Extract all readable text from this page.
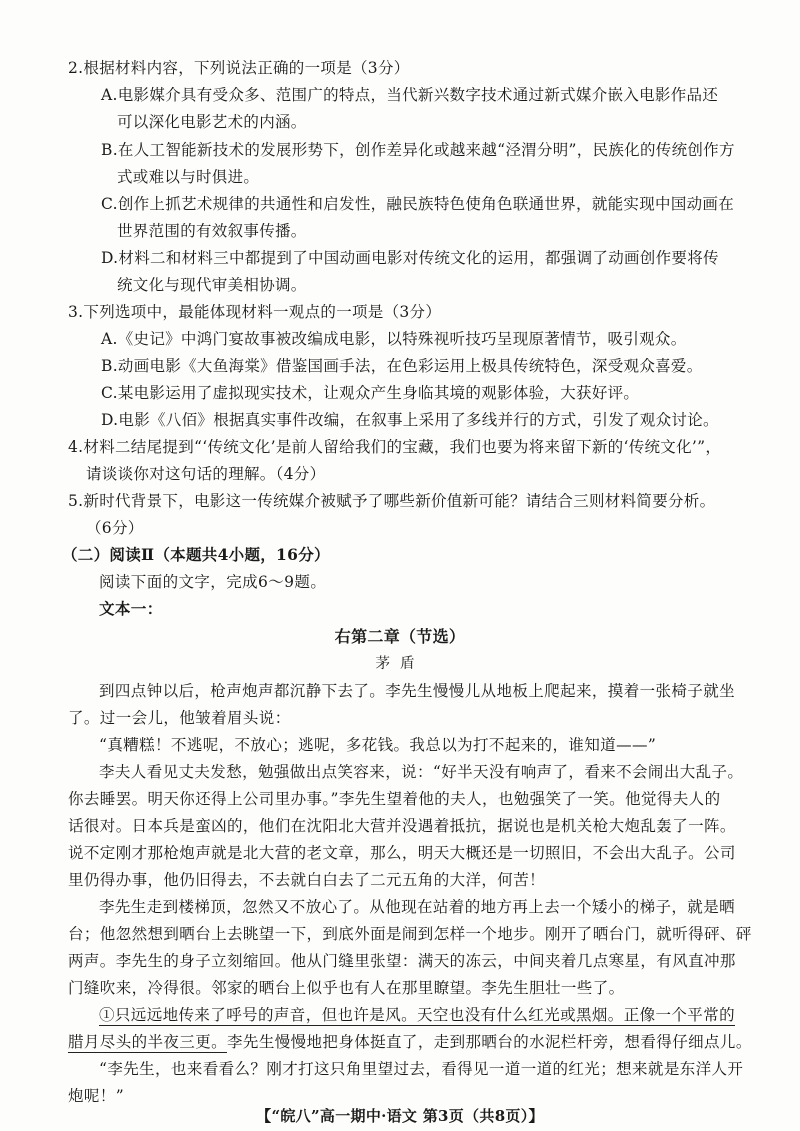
2.根据材料内容，下列说法正确的一项是（3分）
A.电影媒介具有受众多、范围广的特点，当代新兴数字技术通过新式媒介嵌入电影作品还
可以深化电影艺术的内涵。
B.在人工智能新技术的发展形势下，创作差异化或越来越“泾渭分明”，民族化的传统创作方
式或难以与时俱进。
C.创作上抓艺术规律的共通性和启发性，融民族特色使角色联通世界，就能实现中国动画在
世界范围的有效叙事传播。
D.材料二和材料三中都提到了中国动画电影对传统文化的运用，都强调了动画创作要将传
统文化与现代审美相协调。
3.下列选项中，最能体现材料一观点的一项是（3分）
A.《史记》中鸿门宴故事被改编成电影，以特殊视听技巧呈现原著情节，吸引观众。
B.动画电影《大鱼海棠》借鉴国画手法，在色彩运用上极具传统特色，深受观众喜爱。
C.某电影运用了虚拟现实技术，让观众产生身临其境的观影体验，大获好评。
D.电影《八佰》根据真实事件改编，在叙事上采用了多线并行的方式，引发了观众讨论。
4.材料二结尾提到“‘传统文化’是前人留给我们的宝藏，我们也要为将来留下新的‘传统文化’”，
请谈谈你对这句话的理解。（4分）
5.新时代背景下，电影这一传统媒介被赋予了哪些新价值新可能？请结合三则材料简要分析。
（6分）
（二）阅读Ⅱ（本题共4小题，16分）
阅读下面的文字，完成6～9题。
文本一：
右第二章（节选）
茅盾
到四点钟以后，枪声炮声都沉静下去了。李先生慢慢儿从地板上爬起来，摸着一张椅子就坐
了。过一会儿，他皱着眉头说：
“真糟糕！不逃呢，不放心；逃呢，多花钱。我总以为打不起来的，谁知道——”
李夫人看见丈夫发愁，勉强做出点笑容来，说：“好半天没有响声了，看来不会闹出大乱子。
你去睡罢。明天你还得上公司里办事。”李先生望着他的夫人，也勉强笑了一笑。他觉得夫人的
话很对。日本兵是蛮凶的，他们在沈阳北大营并没遇着抵抗，据说也是机关枪大炮乱轰了一阵。
说不定刚才那枪炮声就是北大营的老文章，那么，明天大概还是一切照旧，不会出大乱子。公司
里仍得办事，他仍旧得去，不去就白白去了二元五角的大洋，何苦！
李先生走到楼梯顶，忽然又不放心了。从他现在站着的地方再上去一个矮小的梯子，就是晒
台；他忽然想到晒台上去眺望一下，到底外面是闹到怎样一个地步。刚开了晒台门，就听得砰、砰
两声。李先生的身子立刻缩回。他从门缝里张望：满天的冻云，中间夹着几点寒星，有风直冲那
门缝吹来，冷得很。邻家的晒台上似乎也有人在那里瞭望。李先生胆壮一些了。
①只远远地传来了呼号的声音，但也许是风。天空也没有什么红光或黑烟。正像一个平常的
腊月尽头的半夜三更。李先生慢慢地把身体挺直了，走到那晒台的水泥栏杆旁，想看得仔细点儿。
“李先生，也来看看么？刚才打这只角里望过去，看得见一道一道的红光；想来就是东洋人开
炮呢！”
【“皖八”高一期中·语文 第3页（共8页）】
